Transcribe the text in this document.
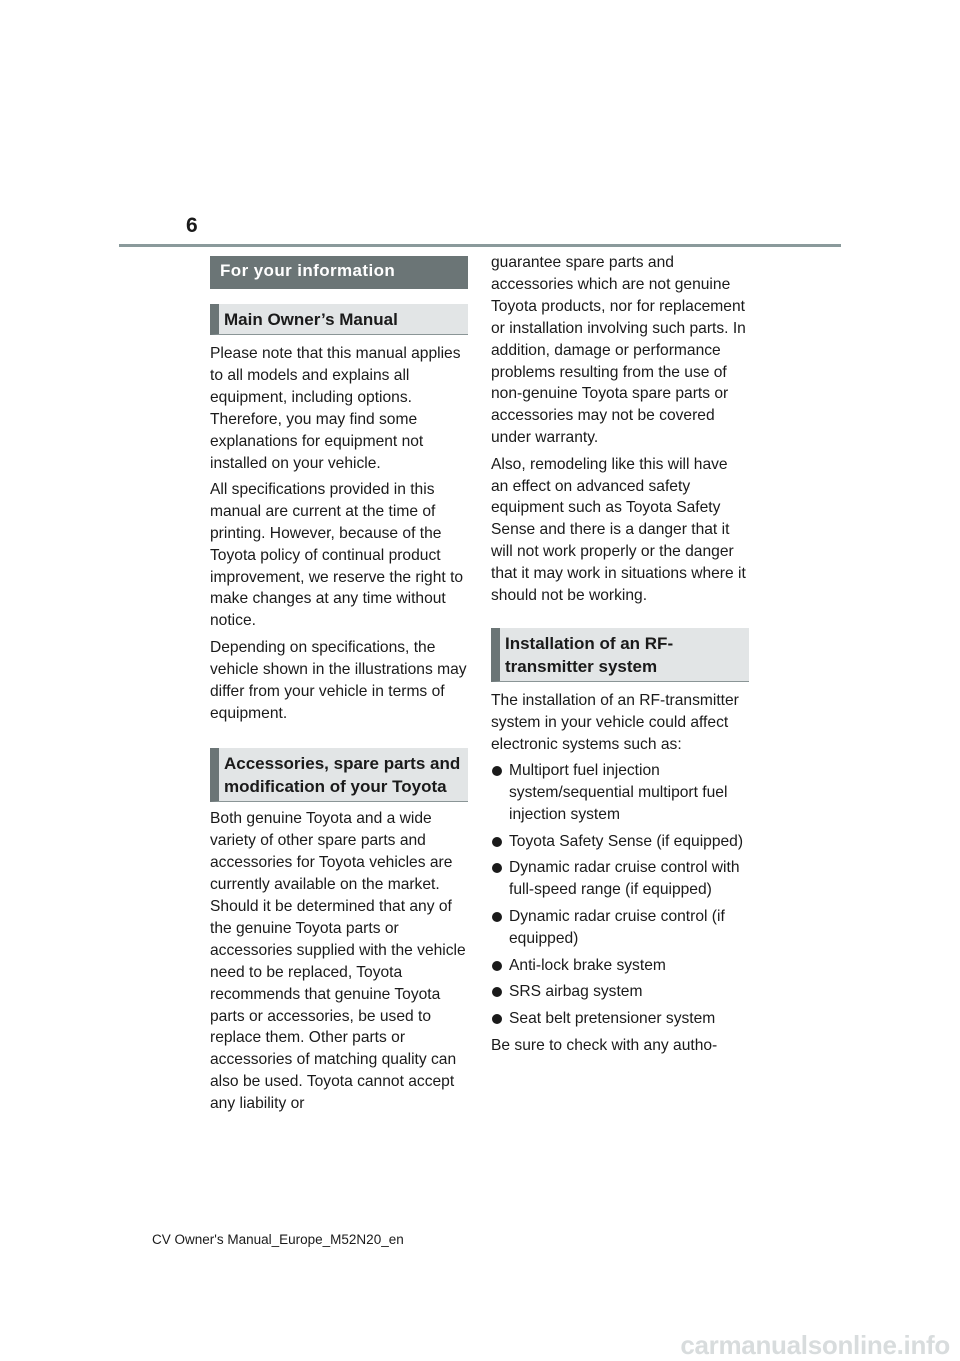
6
For your information
Main Owner’s Manual

Please note that this manual applies to all models and explains all equipment, including options. Therefore, you may find some explanations for equipment not installed on your vehicle.

All specifications provided in this manual are current at the time of printing. However, because of the Toyota policy of continual product improvement, we reserve the right to make changes at any time without notice.

Depending on specifications, the vehicle shown in the illustrations may differ from your vehicle in terms of equipment.

Accessories, spare parts and modification of your Toyota

Both genuine Toyota and a wide variety of other spare parts and accessories for Toyota vehicles are currently available on the market. Should it be determined that any of the genuine Toyota parts or accessories supplied with the vehicle need to be replaced, Toyota recommends that genuine Toyota parts or accessories, be used to replace them. Other parts or accessories of matching quality can also be used. Toyota cannot accept any liability or

guarantee spare parts and accessories which are not genuine Toyota products, nor for replacement or installation involving such parts. In addition, damage or performance problems resulting from the use of non-genuine Toyota spare parts or accessories may not be covered under warranty.

Also, remodeling like this will have an effect on advanced safety equipment such as Toyota Safety Sense and there is a danger that it will not work properly or the danger that it may work in situations where it should not be working.

Installation of an RF-transmitter system

The installation of an RF-transmitter system in your vehicle could affect electronic systems such as:

Multiport fuel injection system/sequential multiport fuel injection system
Toyota Safety Sense (if equipped)
Dynamic radar cruise control with full-speed range (if equipped)
Dynamic radar cruise control (if equipped)
Anti-lock brake system
SRS airbag system
Seat belt pretensioner system

Be sure to check with any autho-

CV Owner's Manual_Europe_M52N20_en
carmanualsonline.info
